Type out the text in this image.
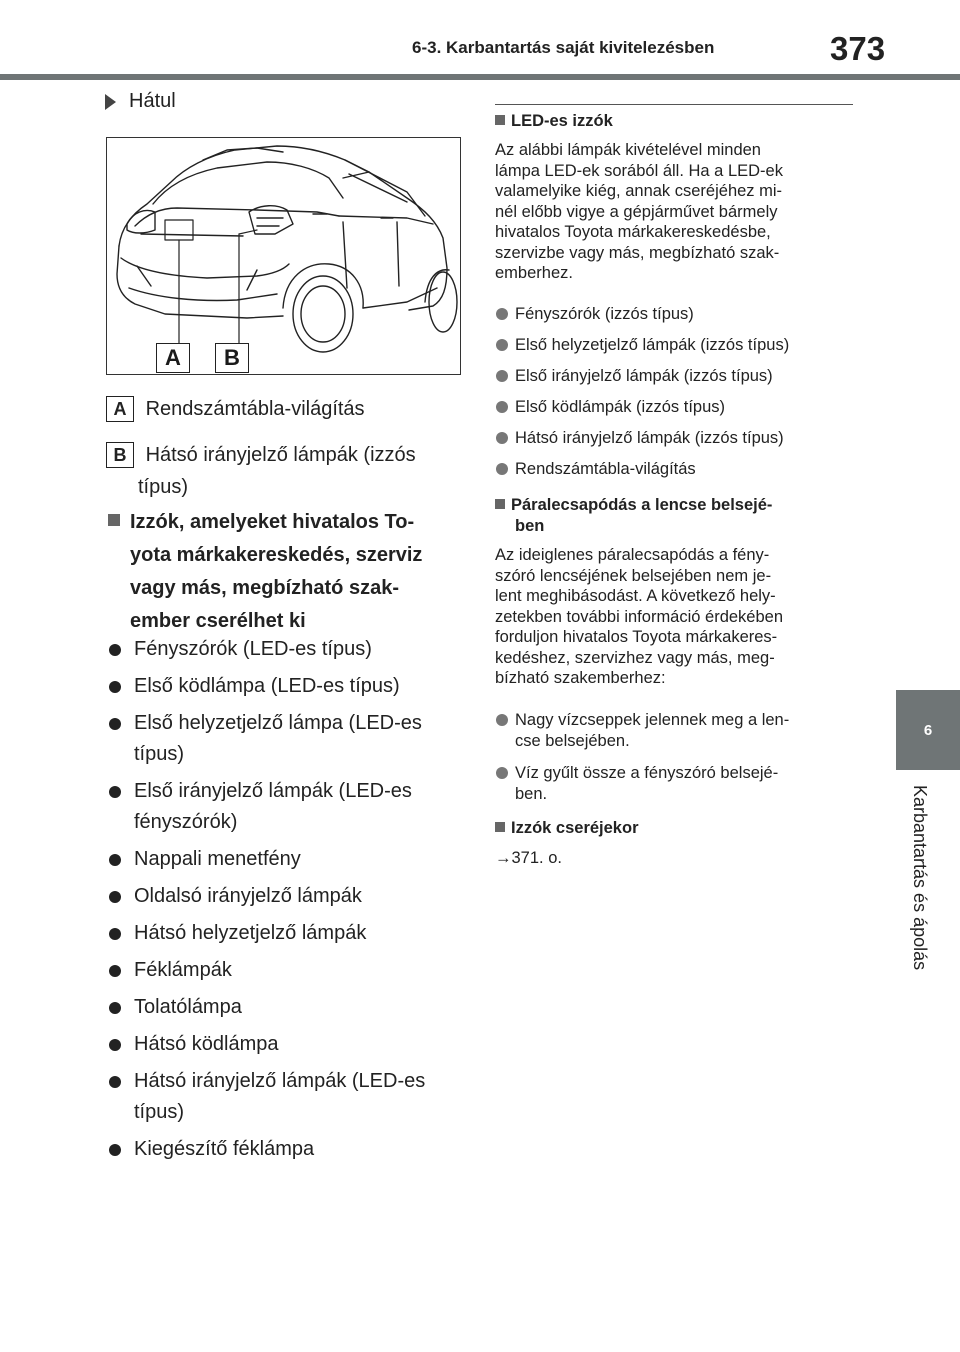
6-3. Karbantartás saját kivitelezésben	373
6
Karbantartás és ápolás
Hátul
A	B
A Rendszámtábla-világítás
B Hátsó irányjelző lámpák (izzós
típus)
Izzók, amelyeket hivatalos To-
yota márkakereskedés, szerviz
vagy más, megbízható szak-
ember cserélhet ki
Fényszórók (LED-es típus)
Első ködlámpa (LED-es típus)
Első helyzetjelző lámpa (LED-es
típus)
Első irányjelző lámpák (LED-es
fényszórók)
Nappali menetfény
Oldalsó irányjelző lámpák
Hátsó helyzetjelző lámpák
Féklámpák
Tolatólámpa
Hátsó ködlámpa
Hátsó irányjelző lámpák (LED-es
típus)
Kiegészítő féklámpa
LED-es izzók
Az alábbi lámpák kivételével minden
lámpa LED-ek sorából áll. Ha a LED-ek
valamelyike kiég, annak cseréjéhez mi-
nél előbb vigye a gépjárművet bármely
hivatalos Toyota márkakereskedésbe,
szervizbe vagy más, megbízható szak-
emberhez.
Fényszórók (izzós típus)
Első helyzetjelző lámpák (izzós típus)
Első irányjelző lámpák (izzós típus)
Első ködlámpák (izzós típus)
Hátsó irányjelző lámpák (izzós típus)
Rendszámtábla-világítás
Páralecsapódás a lencse belsejé-
ben
Az ideiglenes páralecsapódás a fény-
szóró lencséjének belsejében nem je-
lent meghibásodást. A következő hely-
zetekben további információ érdekében
forduljon hivatalos Toyota márkakeres-
kedéshez, szervizhez vagy más, meg-
bízható szakemberhez:
Nagy vízcseppek jelennek meg a len-
cse belsejében.
Víz gyűlt össze a fényszóró belsejé-
ben.
Izzók cseréjekor
→371. o.
